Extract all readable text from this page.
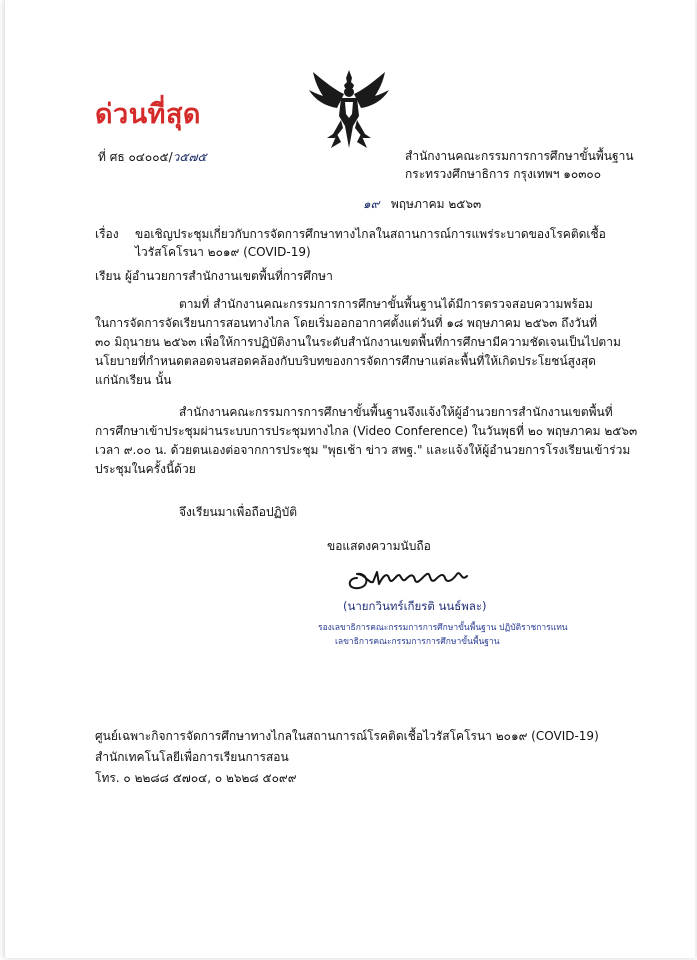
ด่วนที่สุด
ที่ ศธ ๐๔๐๐๕/ว๕๗๕	สำนักงานคณะกรรมการการศึกษาขั้นพื้นฐาน
กระทรวงศึกษาธิการ กรุงเทพฯ ๑๐๓๐๐
๑๙ พฤษภาคม ๒๕๖๓
เรื่อง ขอเชิญประชุมเกี่ยวกับการจัดการศึกษาทางไกลในสถานการณ์การแพร่ระบาดของโรคติดเชื้อ
ไวรัสโคโรนา ๒๐๑๙ (COVID-19)
เรียน ผู้อำนวยการสำนักงานเขตพื้นที่การศึกษา
ตามที่ สำนักงานคณะกรรมการการศึกษาขั้นพื้นฐานได้มีการตรวจสอบความพร้อม
ในการจัดการจัดเรียนการสอนทางไกล โดยเริ่มออกอากาศตั้งแต่วันที่ ๑๘ พฤษภาคม ๒๕๖๓ ถึงวันที่
๓๐ มิถุนายน ๒๕๖๓ เพื่อให้การปฏิบัติงานในระดับสำนักงานเขตพื้นที่การศึกษามีความชัดเจนเป็นไปตาม
นโยบายที่กำหนดตลอดจนสอดคล้องกับบริบทของการจัดการศึกษาแต่ละพื้นที่ให้เกิดประโยชน์สูงสุด
แก่นักเรียน นั้น
สำนักงานคณะกรรมการการศึกษาขั้นพื้นฐานจึงแจ้งให้ผู้อำนวยการสำนักงานเขตพื้นที่
การศึกษาเข้าประชุมผ่านระบบการประชุมทางไกล (Video Conference) ในวันพุธที่ ๒๐ พฤษภาคม ๒๕๖๓
เวลา ๙.๐๐ น. ด้วยตนเองต่อจากการประชุม "พุธเช้า ข่าว สพฐ." และแจ้งให้ผู้อำนวยการโรงเรียนเข้าร่วม
ประชุมในครั้งนี้ด้วย
จึงเรียนมาเพื่อถือปฏิบัติ
ขอแสดงความนับถือ
(นายกวินทร์เกียรติ นนธ์พละ)
รองเลขาธิการคณะกรรมการการศึกษาขั้นพื้นฐาน ปฏิบัติราชการแทน
เลขาธิการคณะกรรมการการศึกษาขั้นพื้นฐาน
ศูนย์เฉพาะกิจการจัดการศึกษาทางไกลในสถานการณ์โรคติดเชื้อไวรัสโคโรนา ๒๐๑๙ (COVID-19)
สำนักเทคโนโลยีเพื่อการเรียนการสอน
โทร. ๐ ๒๒๘๘ ๕๗๐๔, ๐ ๒๖๒๘ ๕๐๙๙
